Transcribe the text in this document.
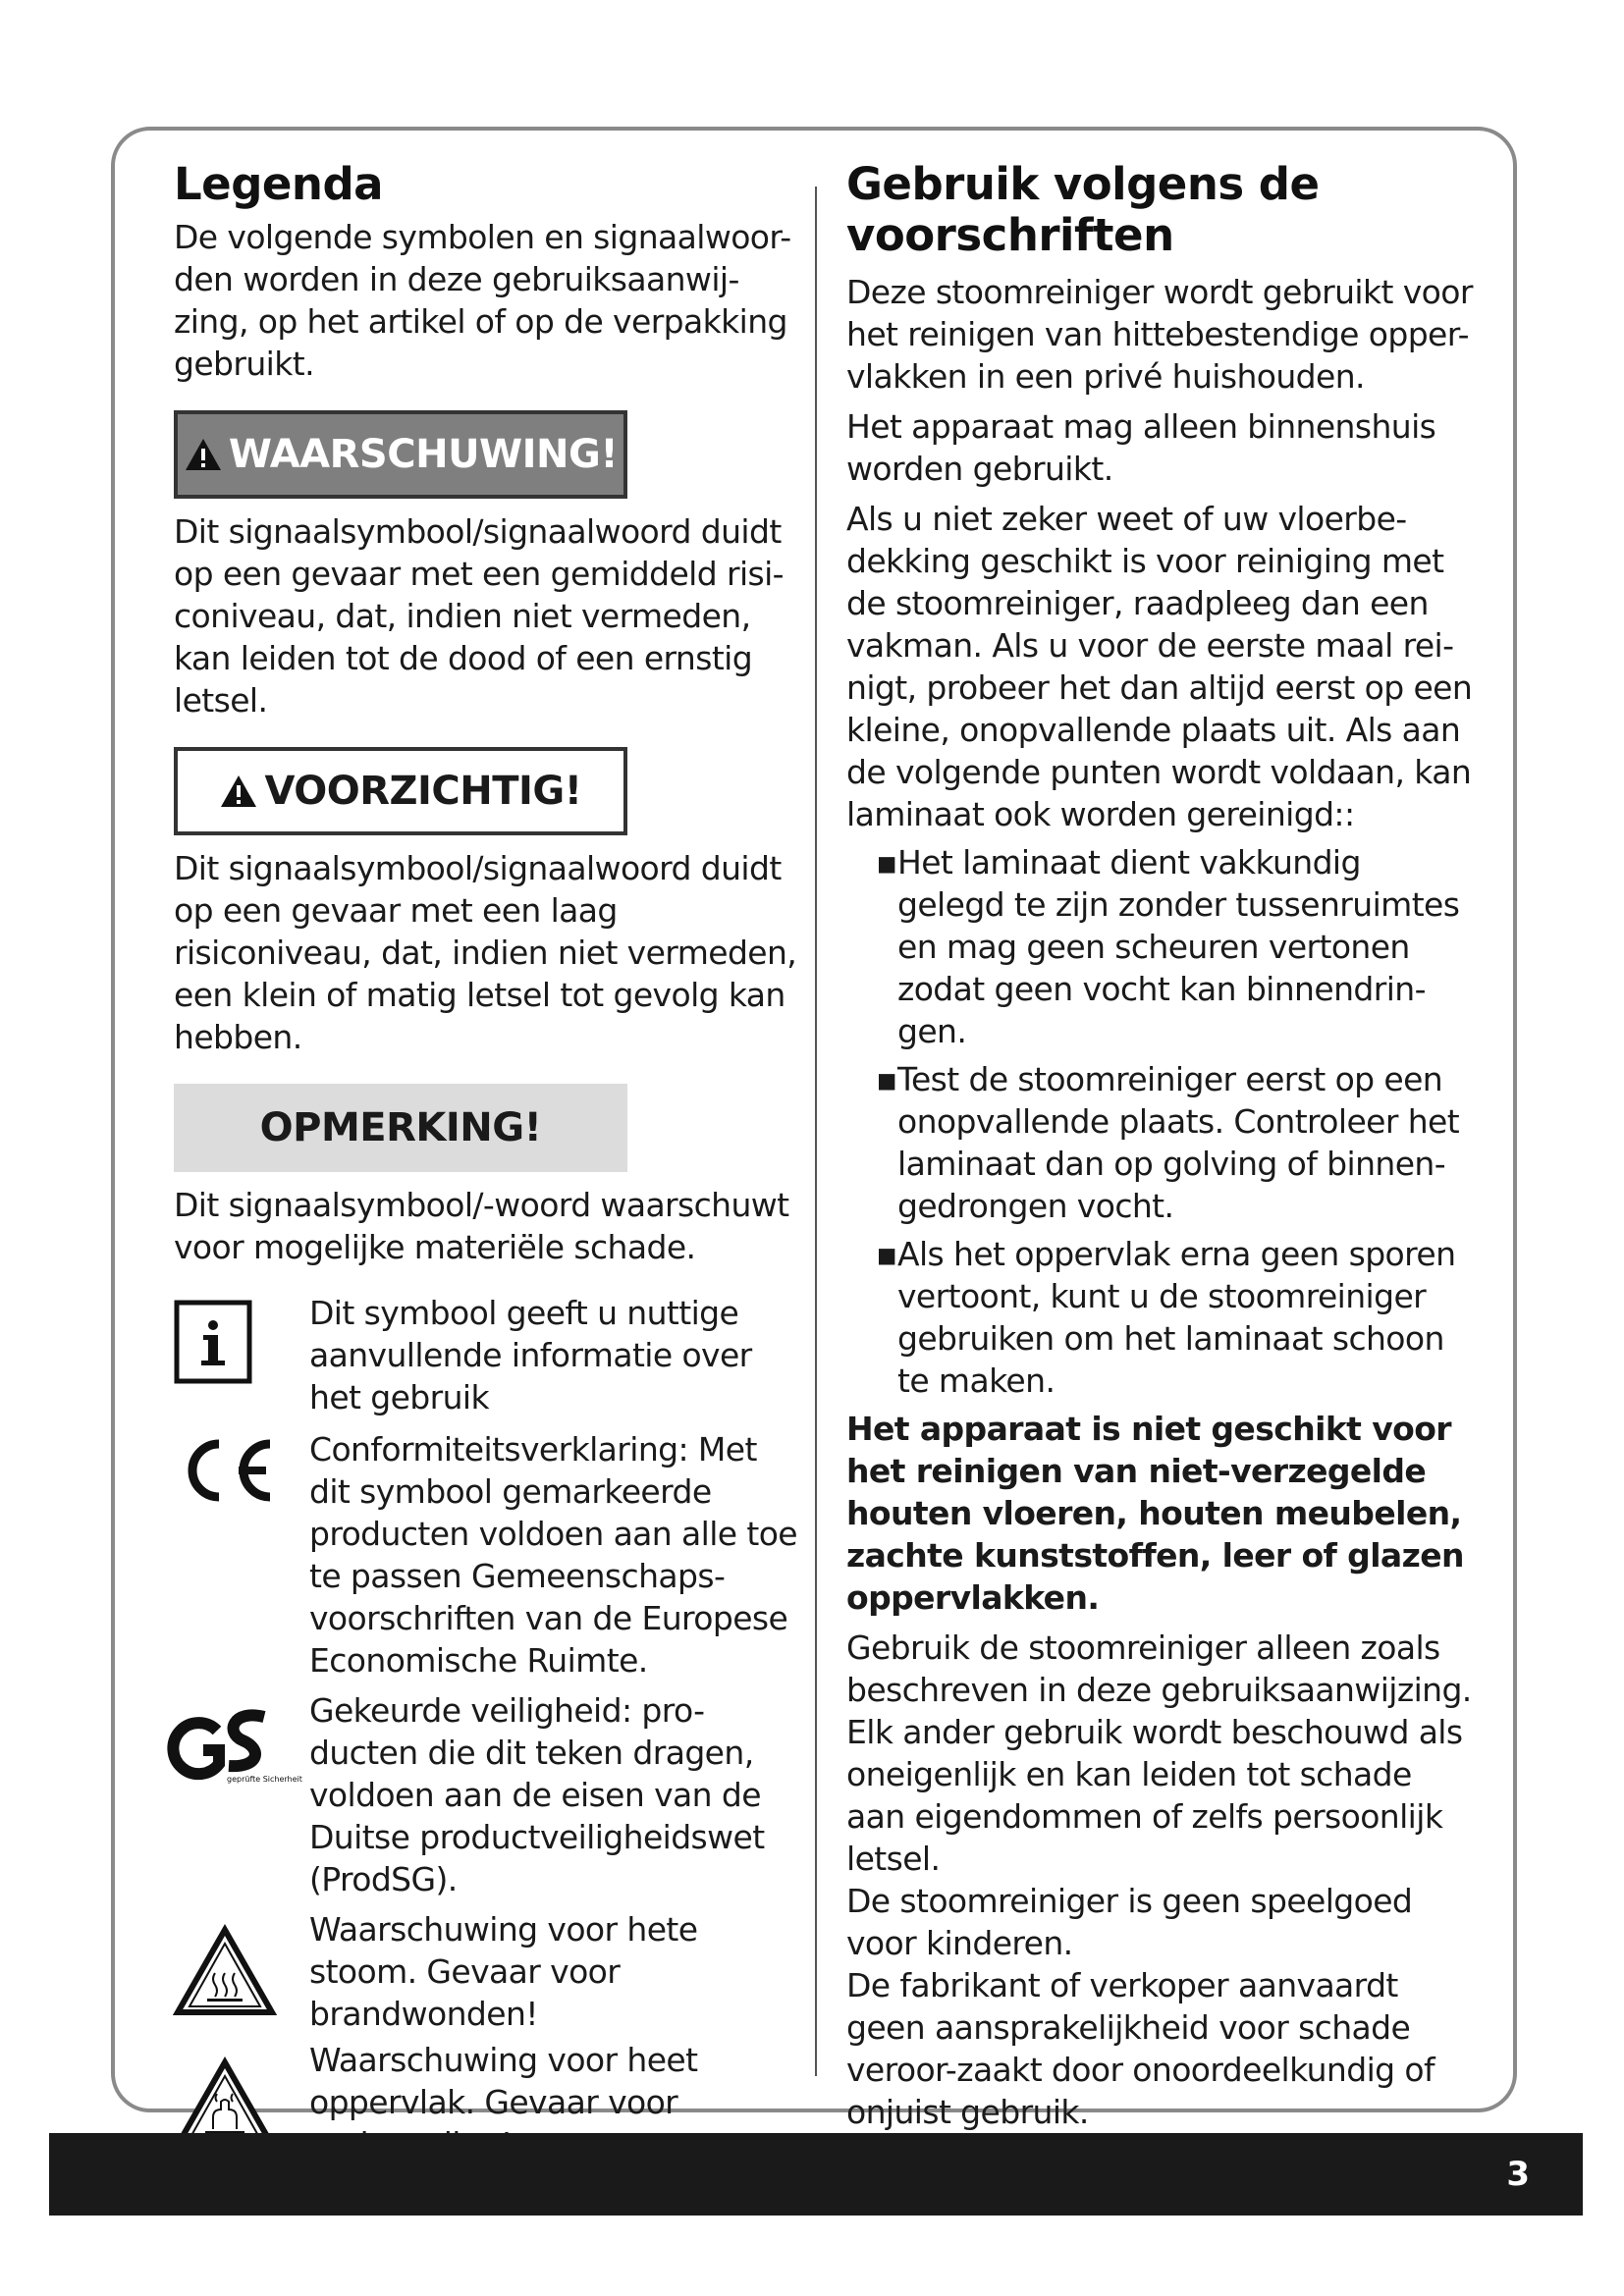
Legenda

De volgende symbolen en signaalwoor-den worden in deze gebruiksaanwij-zing, op het artikel of op de verpakking gebruikt.

WAARSCHUWING!

Dit signaalsymbool/signaalwoord duidt op een gevaar met een gemiddeld risi-coniveau, dat, indien niet vermeden, kan leiden tot de dood of een ernstig letsel.

VOORZICHTIG!

Dit signaalsymbool/signaalwoord duidt op een gevaar met een laag risiconiveau, dat, indien niet vermeden, een klein of matig letsel tot gevolg kan hebben.

OPMERKING!

Dit signaalsymbool/-woord waarschuwt voor mogelijke materiële schade.

Dit symbool geeft u nuttige aanvullende informatie over het gebruik

Conformiteitsverklaring: Met dit symbool gemarkeerde producten voldoen aan alle toe te passen Gemeenschaps-voorschriften van de Europese Economische Ruimte.

geprüfte Sicherheit

Gekeurde veiligheid: pro-ducten die dit teken dragen, voldoen aan de eisen van de Duitse productveiligheidswet (ProdSG).

Waarschuwing voor hete stoom. Gevaar voor brandwonden!

Waarschuwing voor heet oppervlak. Gevaar voor

Gebruik volgens de voorschriften

Deze stoomreiniger wordt gebruikt voor het reinigen van hittebestendige opper-vlakken in een privé huishouden.

Het apparaat mag alleen binnenshuis worden gebruikt.

Als u niet zeker weet of uw vloerbe-dekking geschikt is voor reiniging met de stoomreiniger, raadpleeg dan een vakman. Als u voor de eerste maal rei-nigt, probeer het dan altijd eerst op een kleine, onopvallende plaats uit. Als aan de volgende punten wordt voldaan, kan laminaat ook worden gereinigd::

▪ Het laminaat dient vakkundig gelegd te zijn zonder tussenruimtes en mag geen scheuren vertonen zodat geen vocht kan binnendrin-gen.
▪ Test de stoomreiniger eerst op een onopvallende plaats. Controleer het laminaat dan op golving of binnen-gedrongen vocht.
▪ Als het oppervlak erna geen sporen vertoont, kunt u de stoomreiniger gebruiken om het laminaat schoon te maken.

Het apparaat is niet geschikt voor het reinigen van niet-verzegelde houten vloeren, houten meubelen, zachte kunststoffen, leer of glazen oppervlakken.

Gebruik de stoomreiniger alleen zoals beschreven in deze gebruiksaanwijzing. Elk ander gebruik wordt beschouwd als oneigenlijk en kan leiden tot schade aan eigendommen of zelfs persoonlijk letsel.

De stoomreiniger is geen speelgoed voor kinderen.

De fabrikant of verkoper aanvaardt geen aansprakelijkheid voor schade veroor-zaakt door onoordeelkundig of onjuist gebruik.

3
